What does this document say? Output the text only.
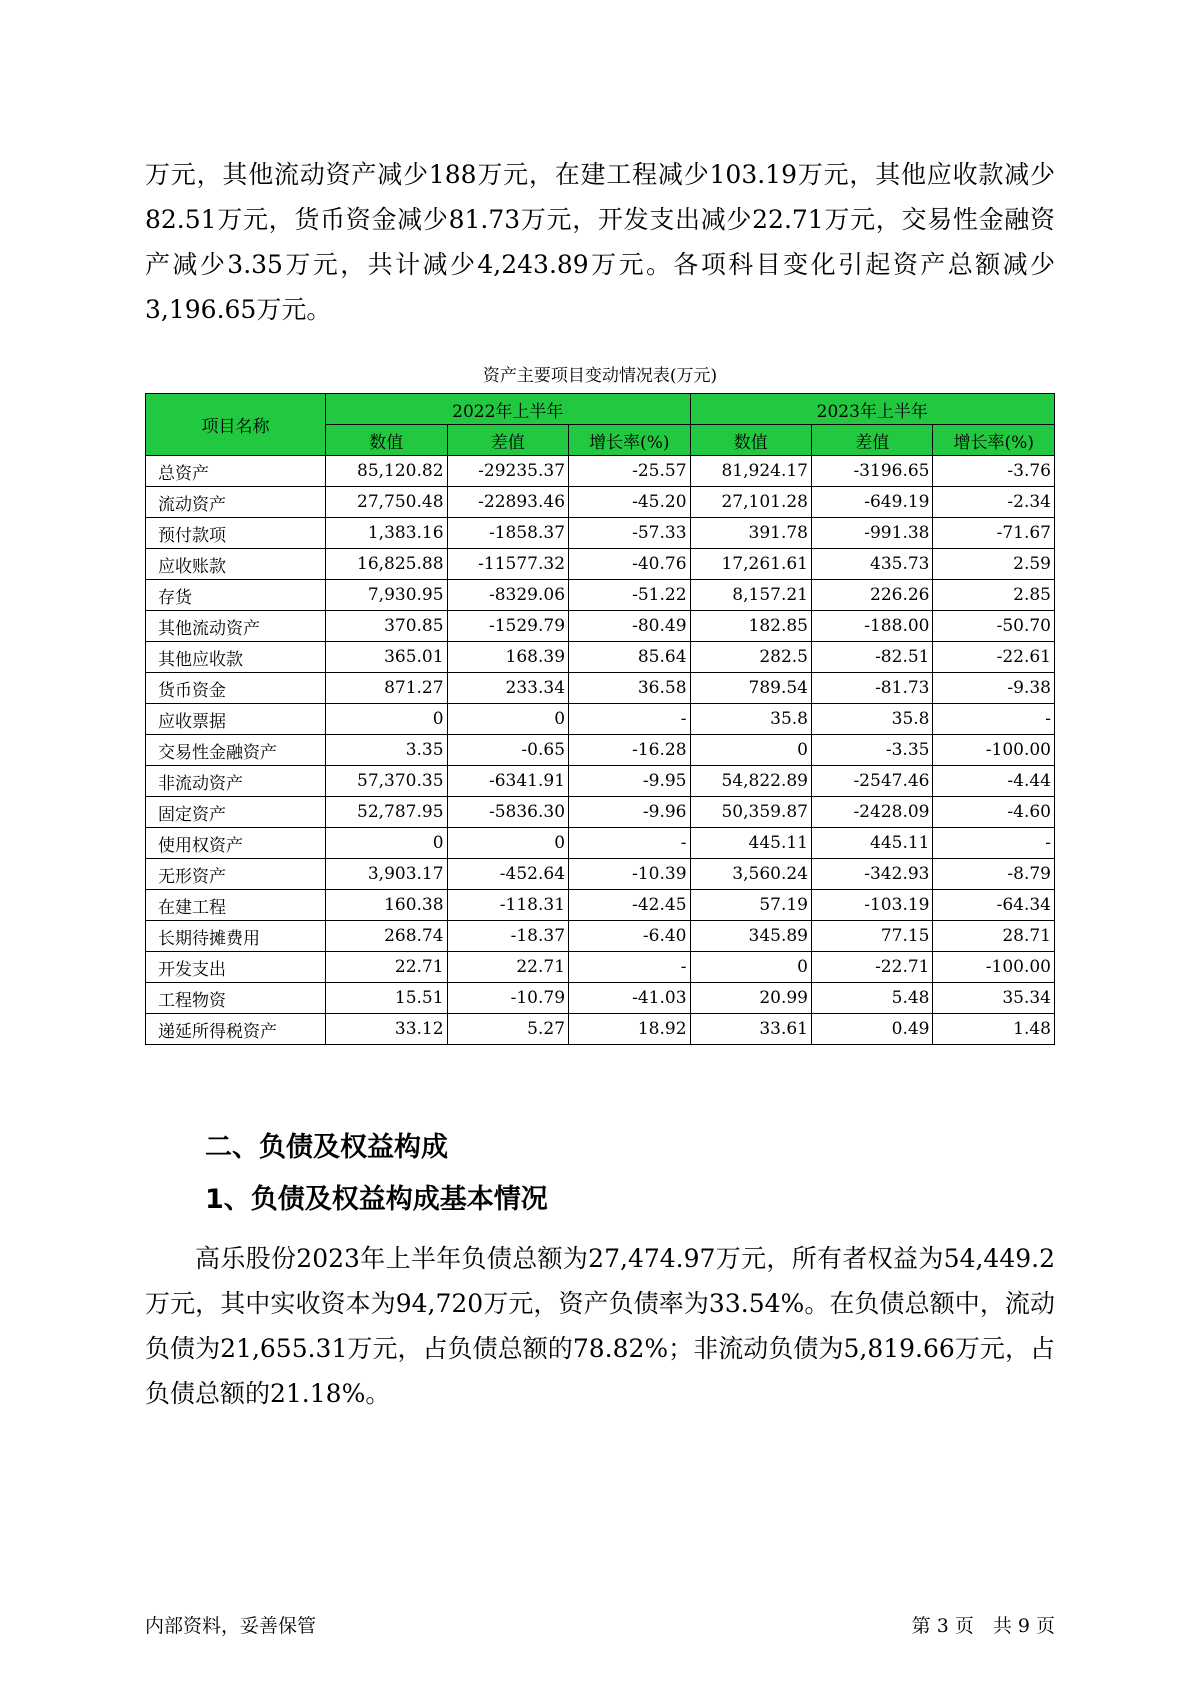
万元，其他流动资产减少188万元，在建工程减少103.19万元，其他应收款减少82.51万元，货币资金减少81.73万元，开发支出减少22.71万元，交易性金融资产减少3.35万元，共计减少4,243.89万元。各项科目变化引起资产总额减少3,196.65万元。

资产主要项目变动情况表(万元)
项目名称	2022年上半年			2023年上半年		
	数值	差值	增长率(%)	数值	差值	增长率(%)
总资产	85,120.82	-29235.37	-25.57	81,924.17	-3196.65	-3.76
流动资产	27,750.48	-22893.46	-45.20	27,101.28	-649.19	-2.34
预付款项	1,383.16	-1858.37	-57.33	391.78	-991.38	-71.67
应收账款	16,825.88	-11577.32	-40.76	17,261.61	435.73	2.59
存货	7,930.95	-8329.06	-51.22	8,157.21	226.26	2.85
其他流动资产	370.85	-1529.79	-80.49	182.85	-188.00	-50.70
其他应收款	365.01	168.39	85.64	282.5	-82.51	-22.61
货币资金	871.27	233.34	36.58	789.54	-81.73	-9.38
应收票据	0	0	-	35.8	35.8	-
交易性金融资产	3.35	-0.65	-16.28	0	-3.35	-100.00
非流动资产	57,370.35	-6341.91	-9.95	54,822.89	-2547.46	-4.44
固定资产	52,787.95	-5836.30	-9.96	50,359.87	-2428.09	-4.60
使用权资产	0	0	-	445.11	445.11	-
无形资产	3,903.17	-452.64	-10.39	3,560.24	-342.93	-8.79
在建工程	160.38	-118.31	-42.45	57.19	-103.19	-64.34
长期待摊费用	268.74	-18.37	-6.40	345.89	77.15	28.71
开发支出	22.71	22.71	-	0	-22.71	-100.00
工程物资	15.51	-10.79	-41.03	20.99	5.48	35.34
递延所得税资产	33.12	5.27	18.92	33.61	0.49	1.48
二、负债及权益构成
1、负债及权益构成基本情况

高乐股份2023年上半年负债总额为27,474.97万元，所有者权益为54,449.2万元，其中实收资本为94,720万元，资产负债率为33.54%。在负债总额中，流动负债为21,655.31万元，占负债总额的78.82%；非流动负债为5,819.66万元，占负债总额的21.18%。

内部资料，妥善保管	第 3 页　共 9 页
